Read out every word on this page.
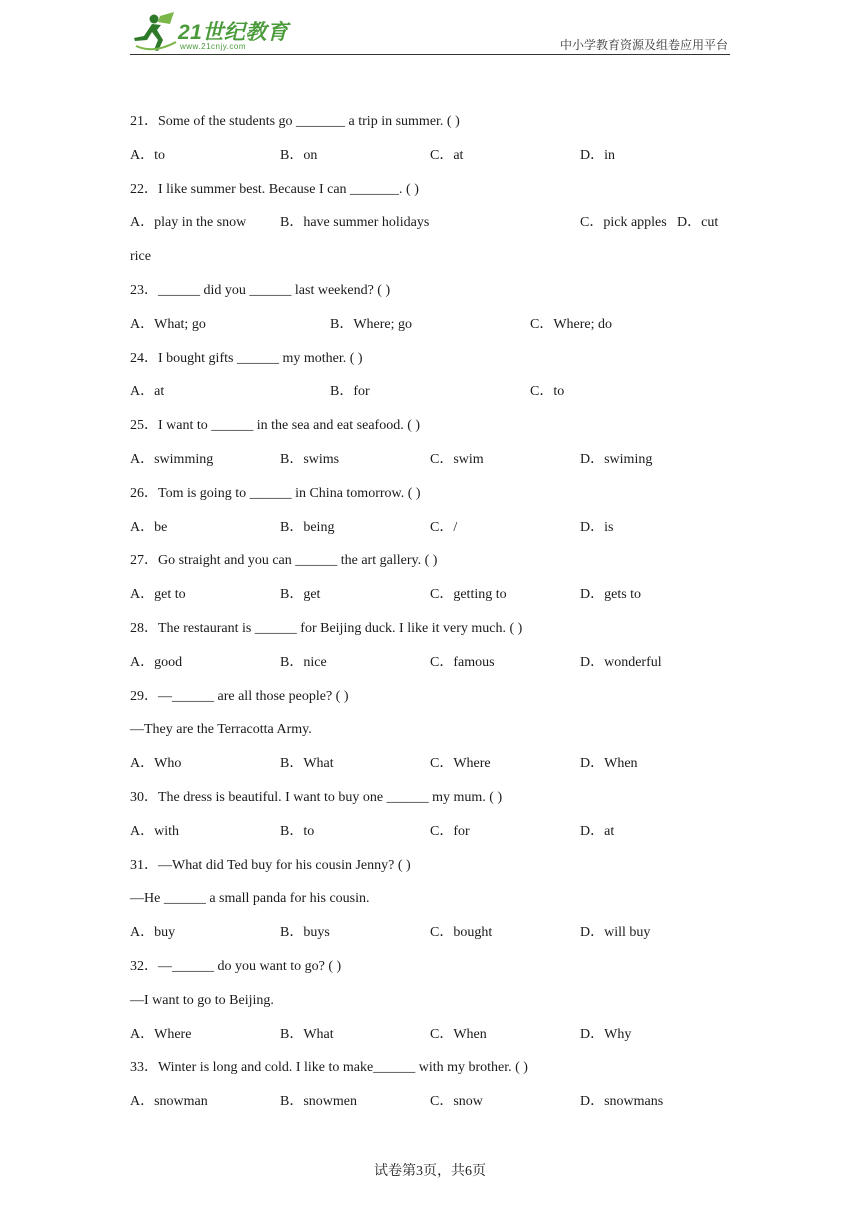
21世纪教育
www.21cnjy.com	中小学教育资源及组卷应用平台
21．Some of the students go _______ a trip in summer. ( )
A．to	B．on	C．at	D．in
22．I like summer best. Because I can _______. ( )
A．play in the snow B．have summer holidays	C．pick apples D．cut
rice
23．______ did you ______ last weekend? ( )
A．What; go	B．Where; go	C．Where; do
24．I bought gifts ______ my mother. ( )
A．at	B．for	C．to
25．I want to ______ in the sea and eat seafood. ( )
A．swimming	B．swims	C．swim	D．swiming
26．Tom is going to ______ in China tomorrow. ( )
A．be	B．being	C．/	D．is
27．Go straight and you can ______ the art gallery. ( )
A．get to	B．get	C．getting to	D．gets to
28．The restaurant is ______ for Beijing duck. I like it very much. ( )
A．good	B．nice	C．famous	D．wonderful
29．—______ are all those people? ( )
—They are the Terracotta Army.
A．Who	B．What	C．Where	D．When
30．The dress is beautiful. I want to buy one ______ my mum. ( )
A．with	B．to	C．for	D．at
31．—What did Ted buy for his cousin Jenny? ( )
—He ______ a small panda for his cousin.
A．buy	B．buys	C．bought	D．will buy
32．—______ do you want to go? ( )
—I want to go to Beijing.
A．Where	B．What	C．When	D．Why
33．Winter is long and cold. I like to make______ with my brother. ( )
A．snowman	B．snowmen	C．snow	D．snowmans
试卷第3页，共6页
